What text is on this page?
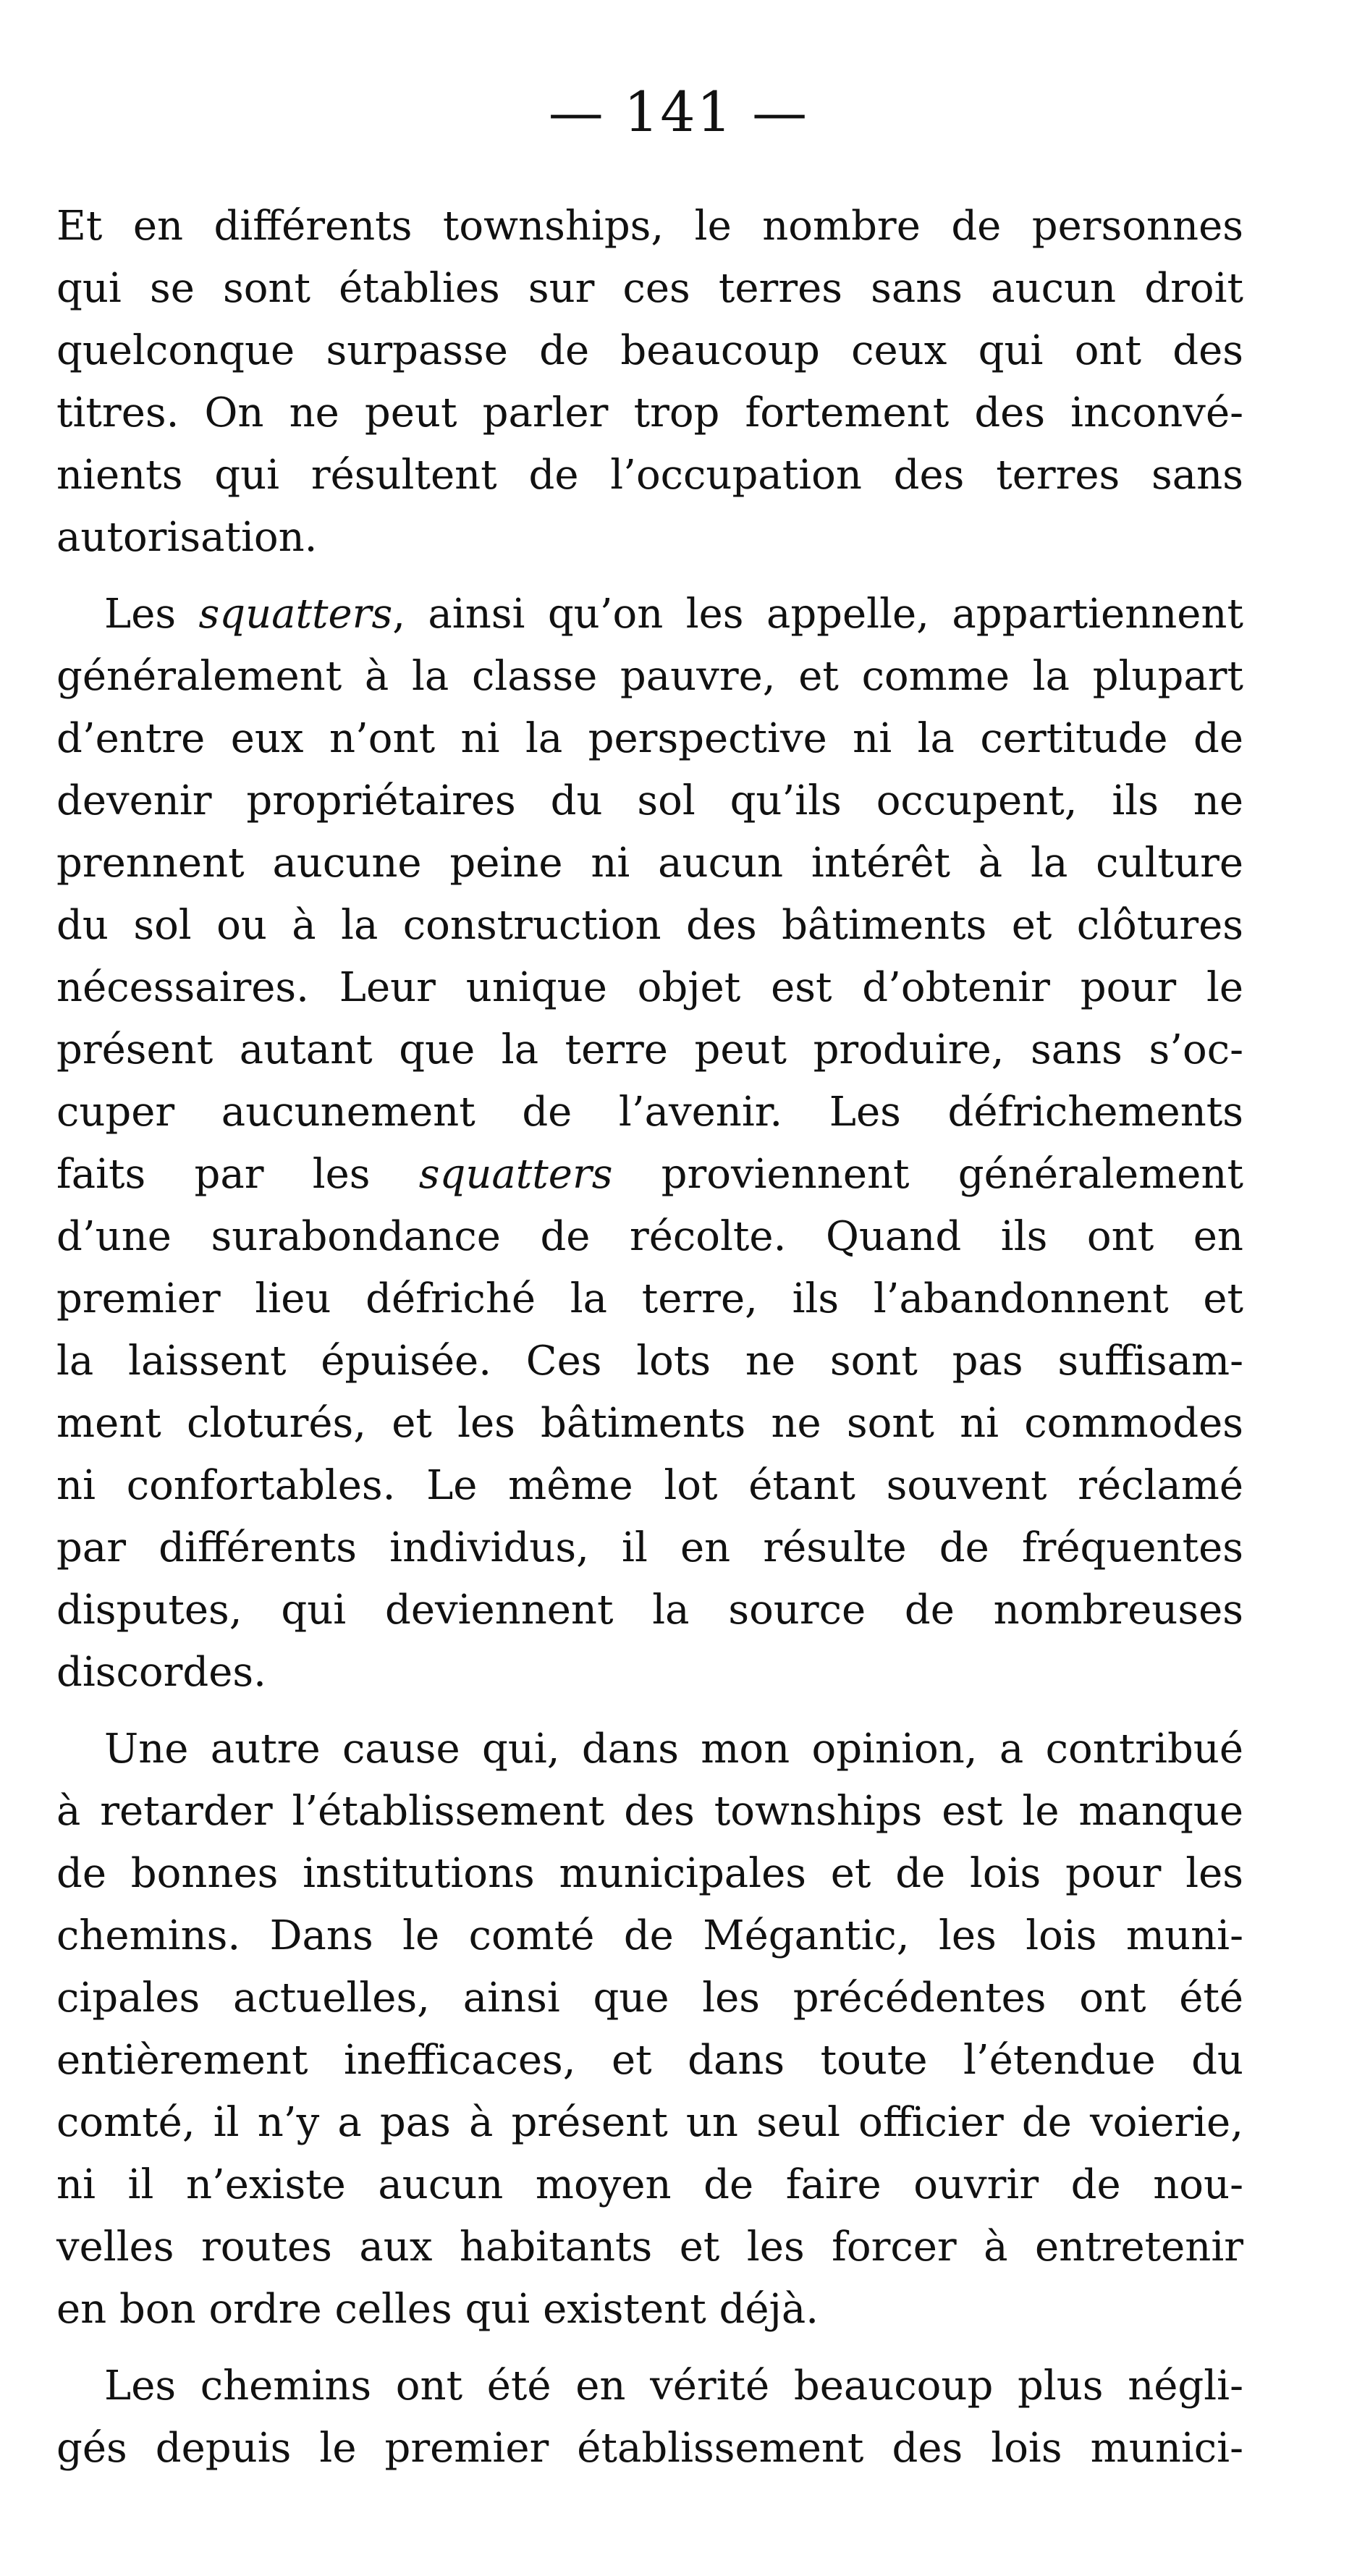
— 141 —
Et en différents townships, le nombre de personnes
qui se sont établies sur ces terres sans aucun droit
quelconque surpasse de beaucoup ceux qui ont des
titres. On ne peut parler trop fortement des inconvé-
nients qui résultent de l’occupation des terres sans
autorisation.
Les squatters, ainsi qu’on les appelle, appartiennent
généralement à la classe pauvre, et comme la plupart
d’entre eux n’ont ni la perspective ni la certitude de
devenir propriétaires du sol qu’ils occupent, ils ne
prennent aucune peine ni aucun intérêt à la culture
du sol ou à la construction des bâtiments et clôtures
nécessaires. Leur unique objet est d’obtenir pour le
présent autant que la terre peut produire, sans s’oc-
cuper aucunement de l’avenir. Les défrichements
faits par les squatters proviennent généralement
d’une surabondance de récolte. Quand ils ont en
premier lieu défriché la terre, ils l’abandonnent et
la laissent épuisée. Ces lots ne sont pas suffisam-
ment cloturés, et les bâtiments ne sont ni commodes
ni confortables. Le même lot étant souvent réclamé
par différents individus, il en résulte de fréquentes
disputes, qui deviennent la source de nombreuses
discordes.
Une autre cause qui, dans mon opinion, a contribué
à retarder l’établissement des townships est le manque
de bonnes institutions municipales et de lois pour les
chemins. Dans le comté de Mégantic, les lois muni-
cipales actuelles, ainsi que les précédentes ont été
entièrement inefficaces, et dans toute l’étendue du
comté, il n’y a pas à présent un seul officier de voierie,
ni il n’existe aucun moyen de faire ouvrir de nou-
velles routes aux habitants et les forcer à entretenir
en bon ordre celles qui existent déjà.
Les chemins ont été en vérité beaucoup plus négli-
gés depuis le premier établissement des lois munici-
